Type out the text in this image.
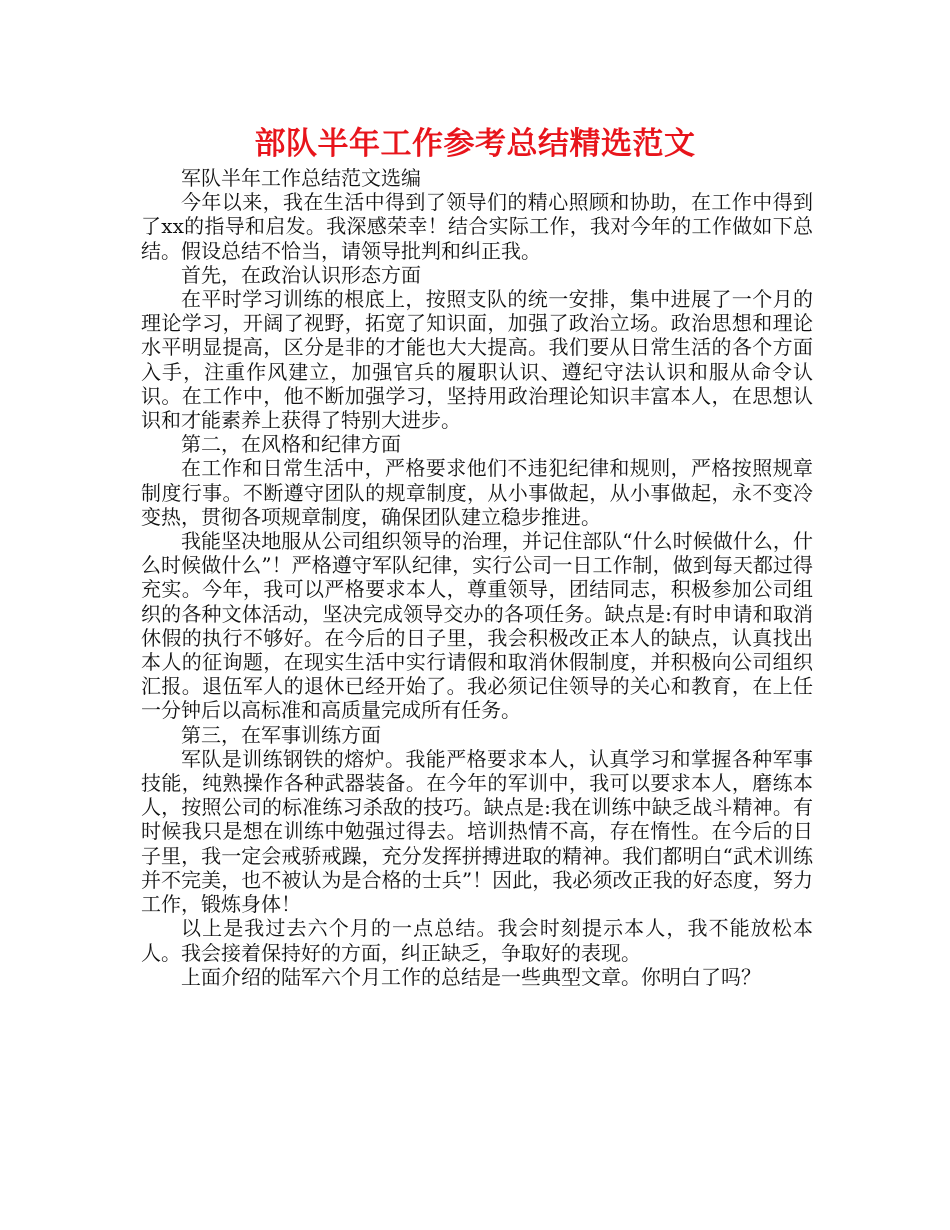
部队半年工作参考总结精选范文

军队半年工作总结范文选编

今年以来，我在生活中得到了领导们的精心照顾和协助，在工作中得到了xx的指导和启发。我深感荣幸！结合实际工作，我对今年的工作做如下总结。假设总结不恰当，请领导批判和纠正我。

首先，在政治认识形态方面

在平时学习训练的根底上，按照支队的统一安排，集中进展了一个月的理论学习，开阔了视野，拓宽了知识面，加强了政治立场。政治思想和理论水平明显提高，区分是非的才能也大大提高。我们要从日常生活的各个方面入手，注重作风建立，加强官兵的履职认识、遵纪守法认识和服从命令认识。在工作中，他不断加强学习，坚持用政治理论知识丰富本人，在思想认识和才能素养上获得了特别大进步。

第二，在风格和纪律方面

在工作和日常生活中，严格要求他们不违犯纪律和规则，严格按照规章制度行事。不断遵守团队的规章制度，从小事做起，从小事做起，永不变冷变热，贯彻各项规章制度，确保团队建立稳步推进。

我能坚决地服从公司组织领导的治理，并记住部队“什么时候做什么，什么时候做什么”！严格遵守军队纪律，实行公司一日工作制，做到每天都过得充实。今年，我可以严格要求本人，尊重领导，团结同志，积极参加公司组织的各种文体活动，坚决完成领导交办的各项任务。缺点是:有时申请和取消休假的执行不够好。在今后的日子里，我会积极改正本人的缺点，认真找出本人的征询题，在现实生活中实行请假和取消休假制度，并积极向公司组织汇报。退伍军人的退休已经开始了。我必须记住领导的关心和教育，在上任一分钟后以高标准和高质量完成所有任务。

第三，在军事训练方面

军队是训练钢铁的熔炉。我能严格要求本人，认真学习和掌握各种军事技能，纯熟操作各种武器装备。在今年的军训中，我可以要求本人，磨练本人，按照公司的标准练习杀敌的技巧。缺点是:我在训练中缺乏战斗精神。有时候我只是想在训练中勉强过得去。培训热情不高，存在惰性。在今后的日子里，我一定会戒骄戒躁，充分发挥拼搏进取的精神。我们都明白“武术训练并不完美，也不被认为是合格的士兵”！因此，我必须改正我的好态度，努力工作，锻炼身体！

以上是我过去六个月的一点总结。我会时刻提示本人，我不能放松本人。我会接着保持好的方面，纠正缺乏，争取好的表现。

上面介绍的陆军六个月工作的总结是一些典型文章。你明白了吗？
